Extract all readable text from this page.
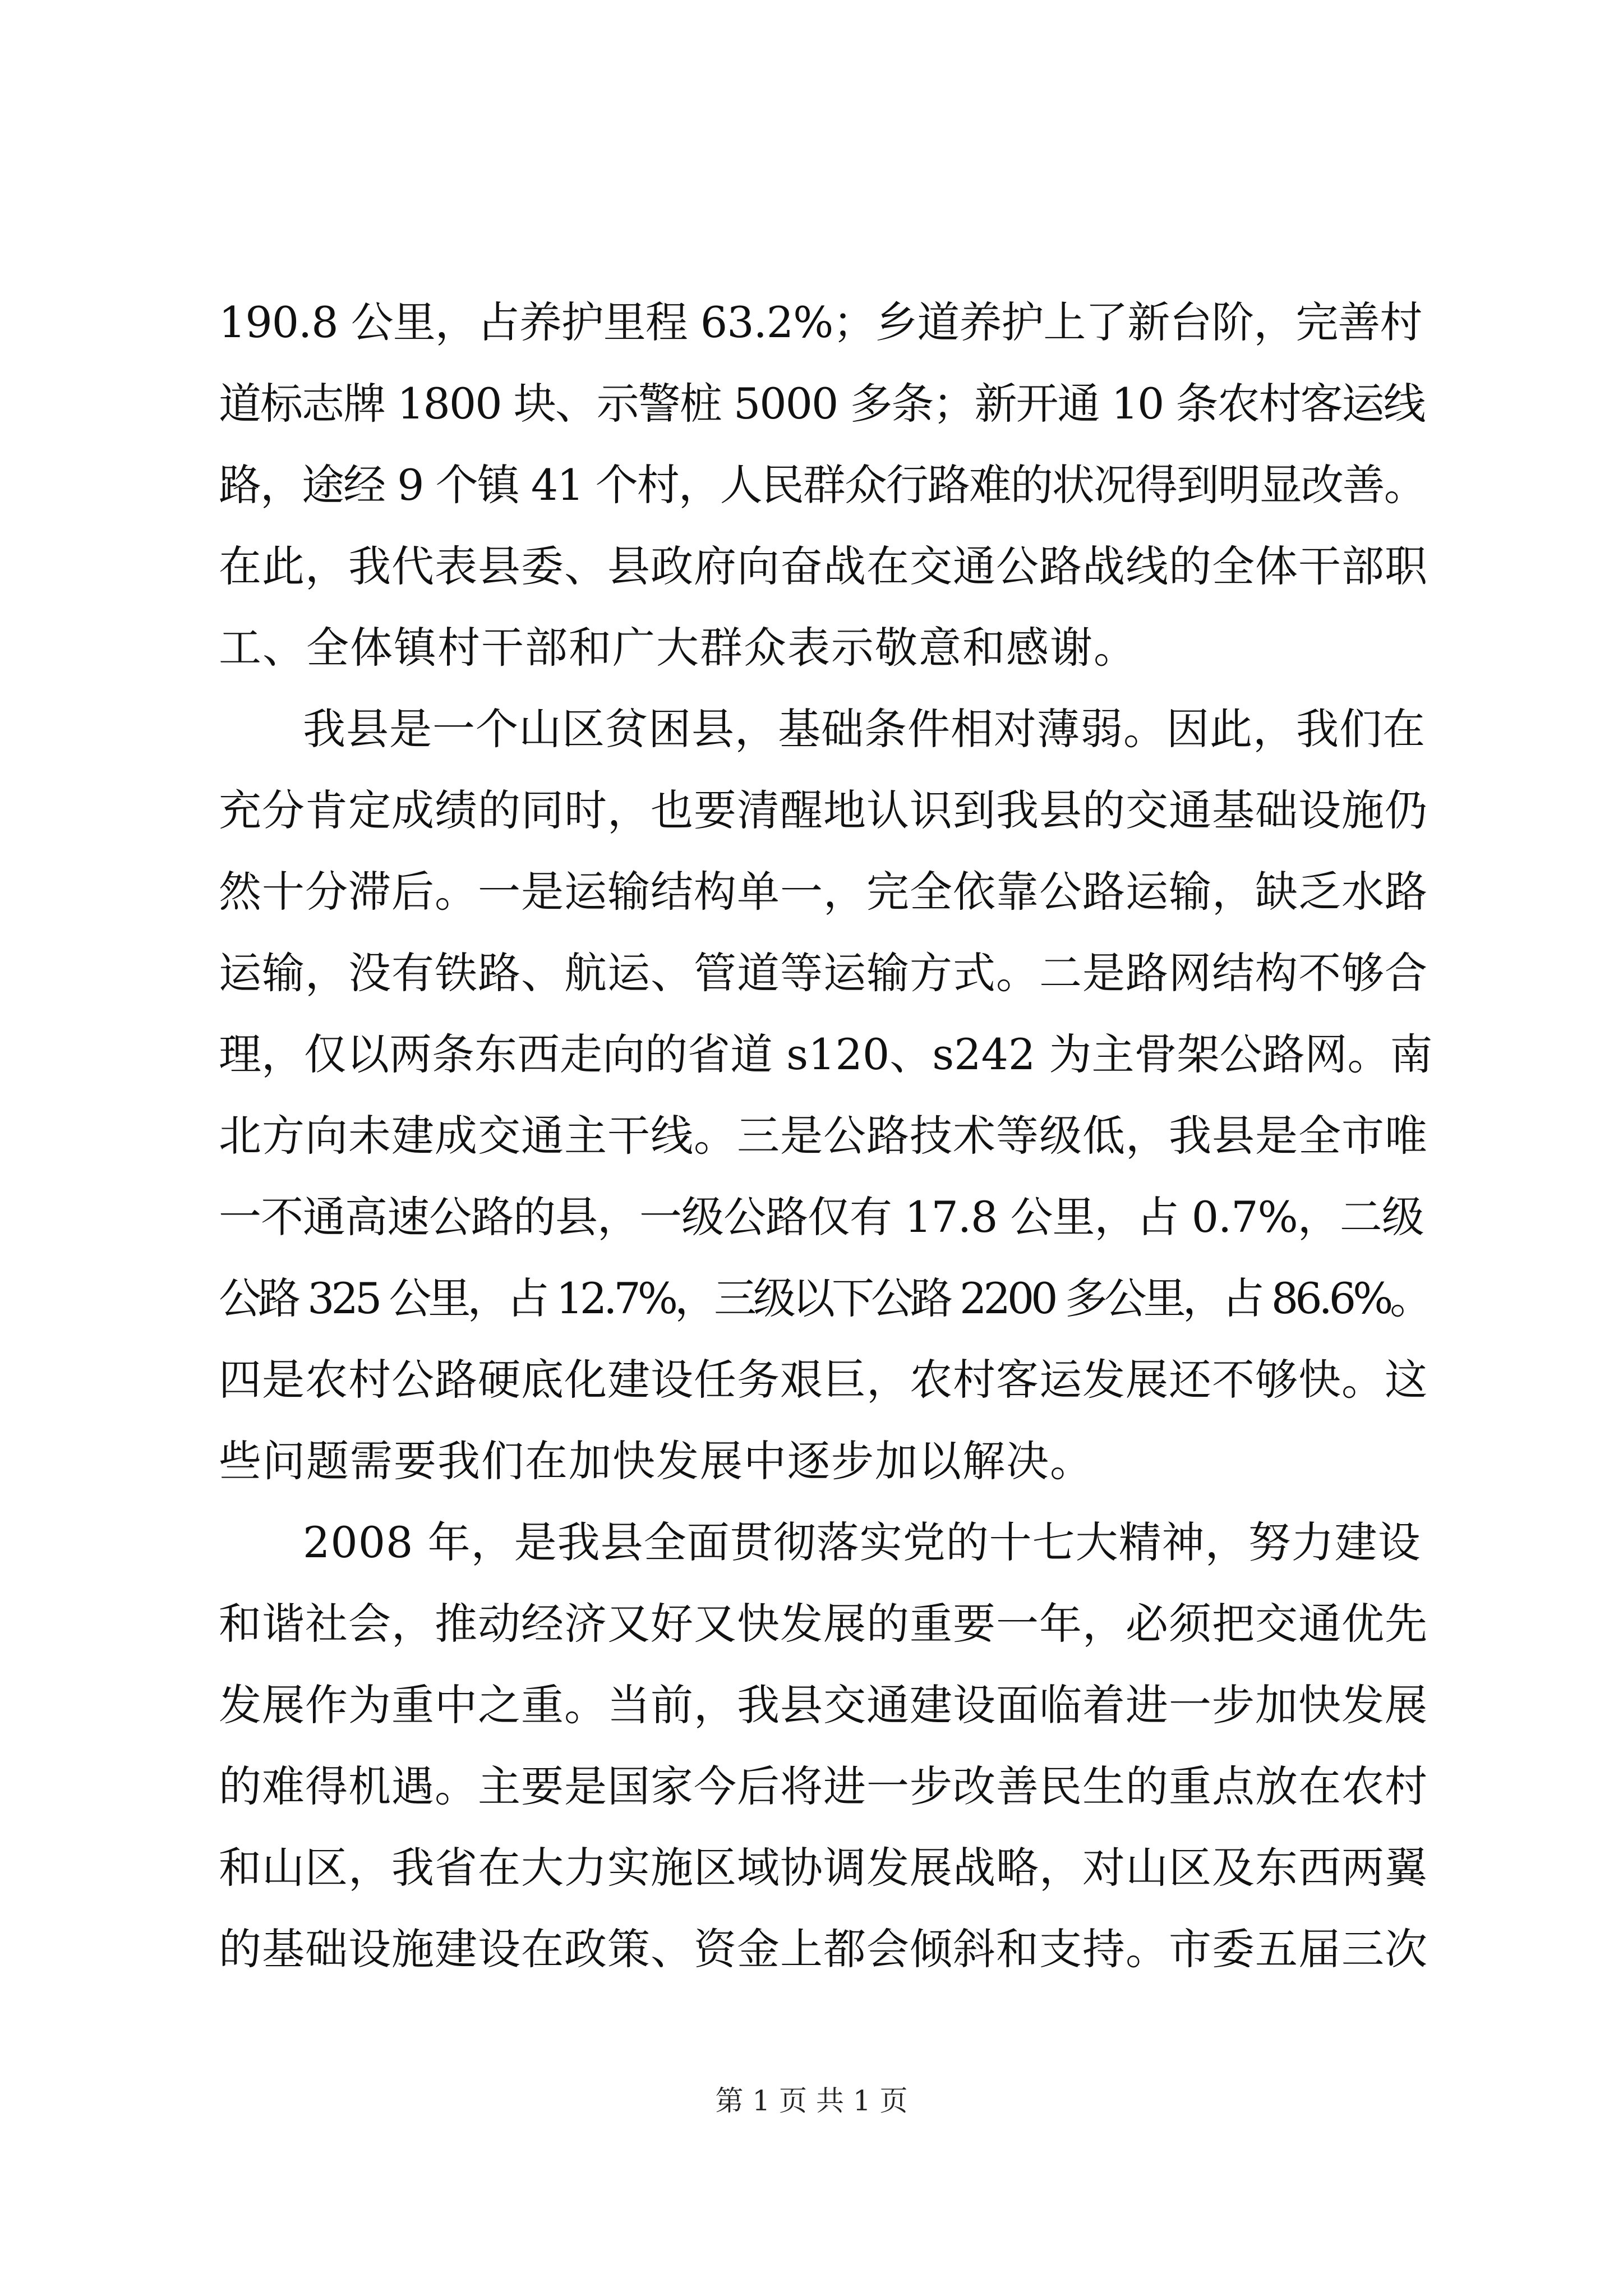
190.8 公里，占养护里程 63.2%；乡道养护上了新台阶，完善村
道标志牌 1800 块、示警桩 5000 多条；新开通 10 条农村客运线
路，途经 9 个镇 41 个村，人民群众行路难的状况得到明显改善。
在此，我代表县委、县政府向奋战在交通公路战线的全体干部职
工、全体镇村干部和广大群众表示敬意和感谢。
我县是一个山区贫困县，基础条件相对薄弱。因此，我们在
充分肯定成绩的同时，也要清醒地认识到我县的交通基础设施仍
然十分滞后。一是运输结构单一，完全依靠公路运输，缺乏水路
运输，没有铁路、航运、管道等运输方式。二是路网结构不够合
理，仅以两条东西走向的省道 s120、s242 为主骨架公路网。南
北方向未建成交通主干线。三是公路技术等级低，我县是全市唯
一不通高速公路的县，一级公路仅有 17.8 公里，占 0.7%，二级
公路 325 公里，占 12.7%，三级以下公路 2200 多公里，占 86.6%。
四是农村公路硬底化建设任务艰巨，农村客运发展还不够快。这
些问题需要我们在加快发展中逐步加以解决。
2008 年，是我县全面贯彻落实党的十七大精神，努力建设
和谐社会，推动经济又好又快发展的重要一年，必须把交通优先
发展作为重中之重。当前，我县交通建设面临着进一步加快发展
的难得机遇。主要是国家今后将进一步改善民生的重点放在农村
和山区，我省在大力实施区域协调发展战略，对山区及东西两翼
的基础设施建设在政策、资金上都会倾斜和支持。市委五届三次
第 1 页 共 1 页
